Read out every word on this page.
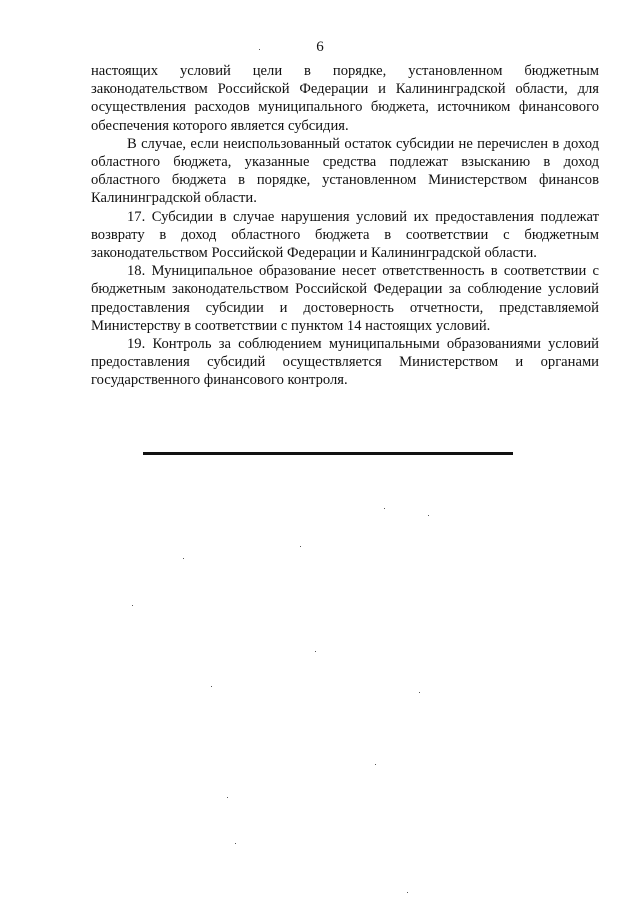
6

настоящих условий цели в порядке, установленном бюджетным законодательством Российской Федерации и Калининградской области, для осуществления расходов муниципального бюджета, источником финансового обеспечения которого является субсидия.

В случае, если неиспользованный остаток субсидии не перечислен в доход областного бюджета, указанные средства подлежат взысканию в доход областного бюджета в порядке, установленном Министерством финансов Калининградской области.

17. Субсидии в случае нарушения условий их предоставления подлежат возврату в доход областного бюджета в соответствии с бюджетным законодательством Российской Федерации и Калининградской области.

18. Муниципальное образование несет ответственность в соответствии с бюджетным законодательством Российской Федерации за соблюдение условий предоставления субсидии и достоверность отчетности, представляемой Министерству в соответствии с пунктом 14 настоящих условий.

19. Контроль за соблюдением муниципальными образованиями условий предоставления субсидий осуществляется Министерством и органами государственного финансового контроля.
